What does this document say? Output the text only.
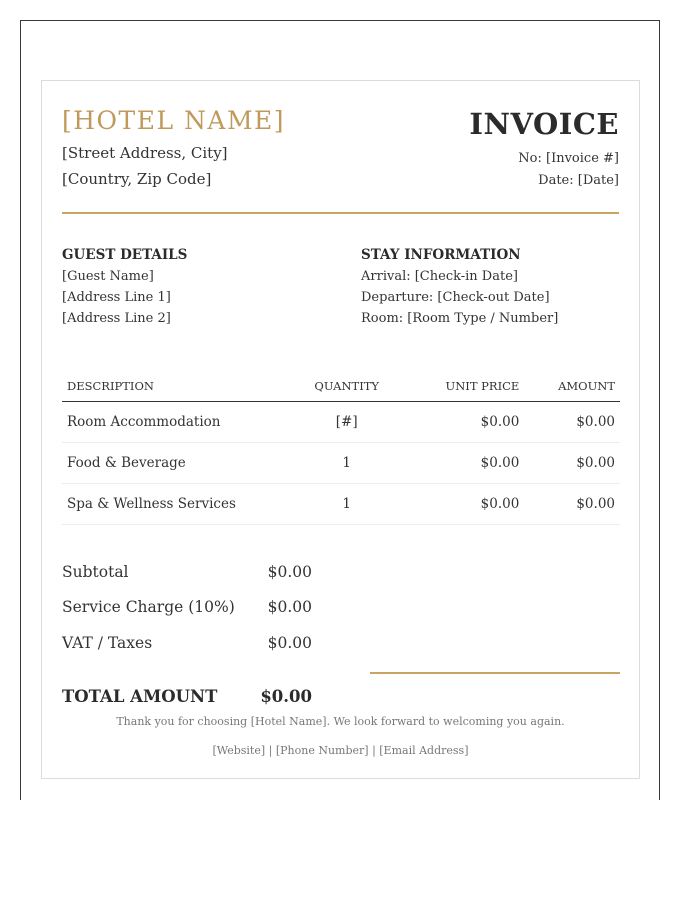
[HOTEL NAME]
[Street Address, City]
[Country, Zip Code]
INVOICE
No: [Invoice #]
Date: [Date]
GUEST DETAILS
[Guest Name]
[Address Line 1]
[Address Line 2]
STAY INFORMATION
Arrival: [Check-in Date]
Departure: [Check-out Date]
Room: [Room Type / Number]
DESCRIPTION	QUANTITY	UNIT PRICE	AMOUNT
Room Accommodation	[#]	$0.00	$0.00
Food & Beverage	1	$0.00	$0.00
Spa & Wellness Services	1	$0.00	$0.00
Subtotal	$0.00
Service Charge (10%) $0.00
VAT / Taxes	$0.00
TOTAL AMOUNT	$0.00
Thank you for choosing [Hotel Name]. We look forward to welcoming you again.
[Website] | [Phone Number] | [Email Address]
